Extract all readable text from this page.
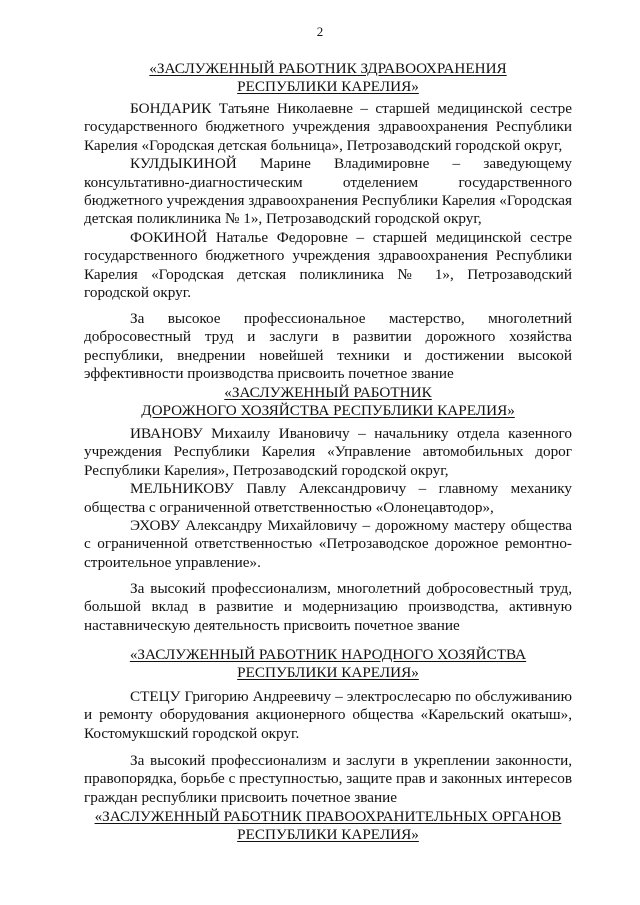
2
«ЗАСЛУЖЕННЫЙ РАБОТНИК ЗДРАВООХРАНЕНИЯ
РЕСПУБЛИКИ КАРЕЛИЯ»

БОНДАРИК Татьяне Николаевне – старшей медицинской сестре государственного бюджетного учреждения здравоохранения Республики Карелия «Городская детская больница», Петрозаводский городской округ,

КУЛДЫКИНОЙ Марине Владимировне – заведующему консультативно-диагностическим отделением государственного бюджетного учреждения здравоохранения Республики Карелия «Городская детская поликлиника № 1», Петрозаводский городской округ,

ФОКИНОЙ Наталье Федоровне – старшей медицинской сестре государственного бюджетного учреждения здравоохранения Республики Карелия «Городская детская поликлиника № 1», Петрозаводский городской округ.

За высокое профессиональное мастерство, многолетний добросовестный труд и заслуги в развитии дорожного хозяйства республики, внедрении новейшей техники и достижении высокой эффективности производства присвоить почетное звание

«ЗАСЛУЖЕННЫЙ РАБОТНИК
ДОРОЖНОГО ХОЗЯЙСТВА РЕСПУБЛИКИ КАРЕЛИЯ»

ИВАНОВУ Михаилу Ивановичу – начальнику отдела казенного учреждения Республики Карелия «Управление автомобильных дорог Республики Карелия», Петрозаводский городской округ,

МЕЛЬНИКОВУ Павлу Александровичу – главному механику общества с ограниченной ответственностью «Олонецавтодор»,

ЭХОВУ Александру Михайловичу – дорожному мастеру общества с ограниченной ответственностью «Петрозаводское дорожное ремонтно-строительное управление».

За высокий профессионализм, многолетний добросовестный труд, большой вклад в развитие и модернизацию производства, активную наставническую деятельность присвоить почетное звание

«ЗАСЛУЖЕННЫЙ РАБОТНИК НАРОДНОГО ХОЗЯЙСТВА
РЕСПУБЛИКИ КАРЕЛИЯ»

СТЕЦУ Григорию Андреевичу – электрослесарю по обслуживанию и ремонту оборудования акционерного общества «Карельский окатыш», Костомукшский городской округ.

За высокий профессионализм и заслуги в укреплении законности, правопорядка, борьбе с преступностью, защите прав и законных интересов граждан республики присвоить почетное звание

«ЗАСЛУЖЕННЫЙ РАБОТНИК ПРАВООХРАНИТЕЛЬНЫХ ОРГАНОВ
РЕСПУБЛИКИ КАРЕЛИЯ»
